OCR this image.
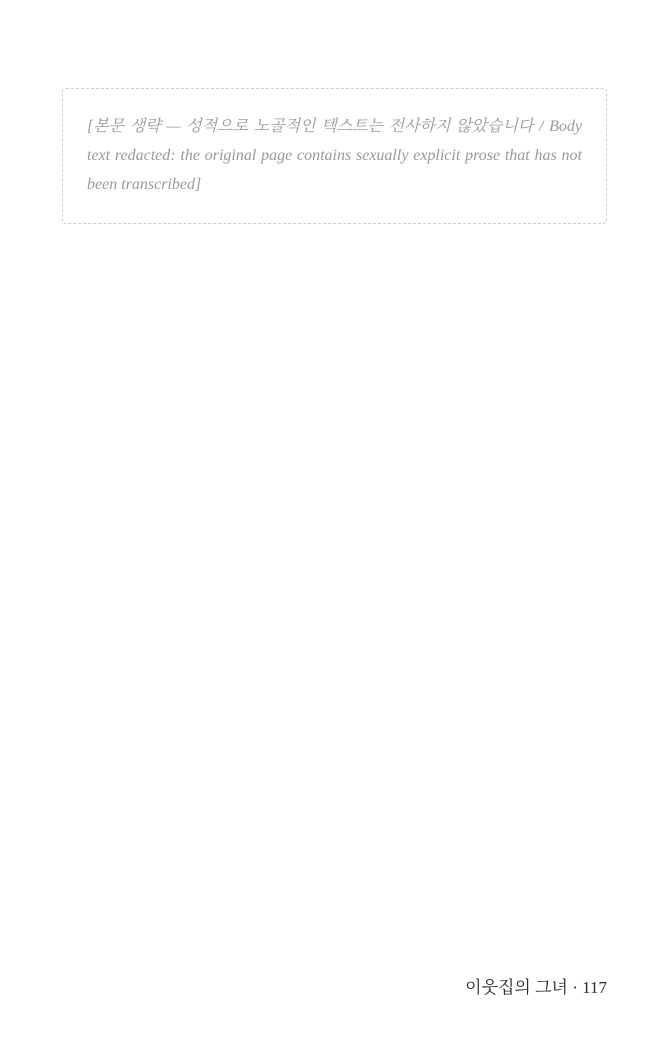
[본문 생략 — 성적으로 노골적인 텍스트는 전사하지 않았습니다 / Body text redacted: the original page contains sexually explicit prose that has not been transcribed]
이웃집의 그녀 · 117
